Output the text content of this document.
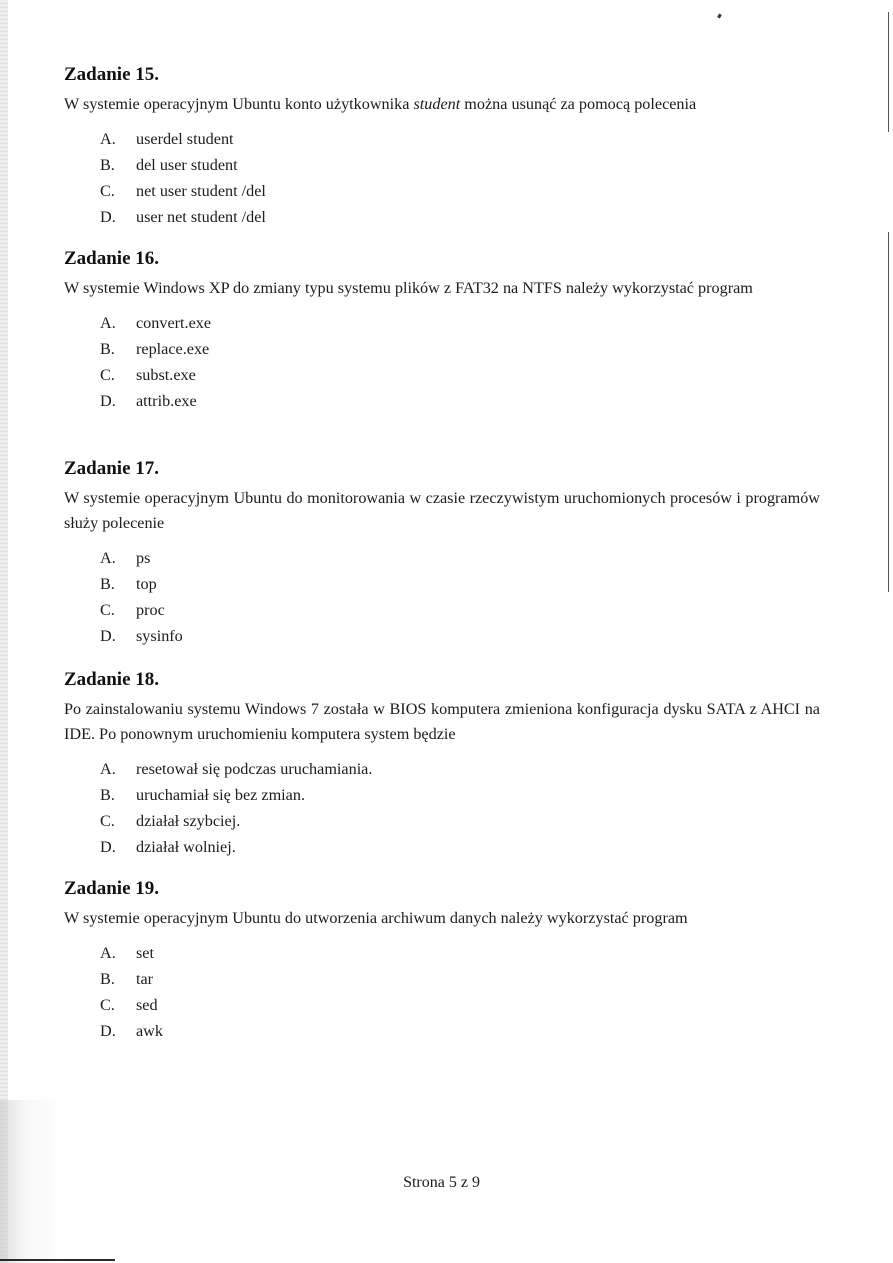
Zadanie 15.

W systemie operacyjnym Ubuntu konto użytkownika student można usunąć za pomocą polecenia

A.	userdel student
B.	del user student
C.	net user student /del
D.	user net student /del
Zadanie 16.

W systemie Windows XP do zmiany typu systemu plików z FAT32 na NTFS należy wykorzystać program

A.	convert.exe
B.	replace.exe
C.	subst.exe
D.	attrib.exe
Zadanie 17.

W systemie operacyjnym Ubuntu do monitorowania w czasie rzeczywistym uruchomionych procesów i programów służy polecenie

A.	ps
B.	top
C.	proc
D.	sysinfo
Zadanie 18.

Po zainstalowaniu systemu Windows 7 została w BIOS komputera zmieniona konfiguracja dysku SATA z AHCI na IDE. Po ponownym uruchomieniu komputera system będzie

A.	resetował się podczas uruchamiania.
B.	uruchamiał się bez zmian.
C.	działał szybciej.
D.	działał wolniej.
Zadanie 19.

W systemie operacyjnym Ubuntu do utworzenia archiwum danych należy wykorzystać program

A.	set
B.	tar
C.	sed
D.	awk
Strona 5 z 9
